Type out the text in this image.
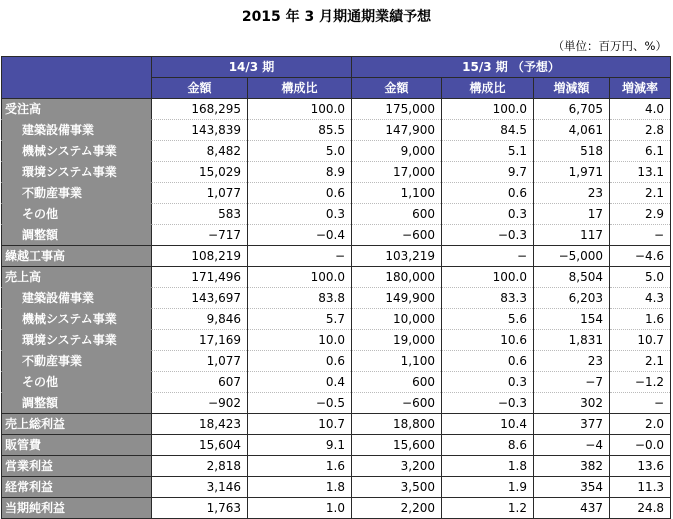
2015 年 3 月期通期業績予想
（単位：百万円、%）
	14/3 期		15/3 期 （予想）			
	金額	構成比	金額	構成比	増減額	増減率
受注高	168,295	100.0	175,000	100.0	6,705	4.0
建築設備事業	143,839	85.5	147,900	84.5	4,061	2.8
機械システム事業	8,482	5.0	9,000	5.1	518	6.1
環境システム事業	15,029	8.9	17,000	9.7	1,971	13.1
不動産事業	1,077	0.6	1,100	0.6	23	2.1
その他	583	0.3	600	0.3	17	2.9
調整額	−717	−0.4	−600	−0.3	117	−
繰越工事高	108,219	−	103,219	−	−5,000	−4.6
売上高	171,496	100.0	180,000	100.0	8,504	5.0
建築設備事業	143,697	83.8	149,900	83.3	6,203	4.3
機械システム事業	9,846	5.7	10,000	5.6	154	1.6
環境システム事業	17,169	10.0	19,000	10.6	1,831	10.7
不動産事業	1,077	0.6	1,100	0.6	23	2.1
その他	607	0.4	600	0.3	−7	−1.2
調整額	−902	−0.5	−600	−0.3	302	−
売上総利益	18,423	10.7	18,800	10.4	377	2.0
販管費	15,604	9.1	15,600	8.6	−4	−0.0
営業利益	2,818	1.6	3,200	1.8	382	13.6
経常利益	3,146	1.8	3,500	1.9	354	11.3
当期純利益	1,763	1.0	2,200	1.2	437	24.8
